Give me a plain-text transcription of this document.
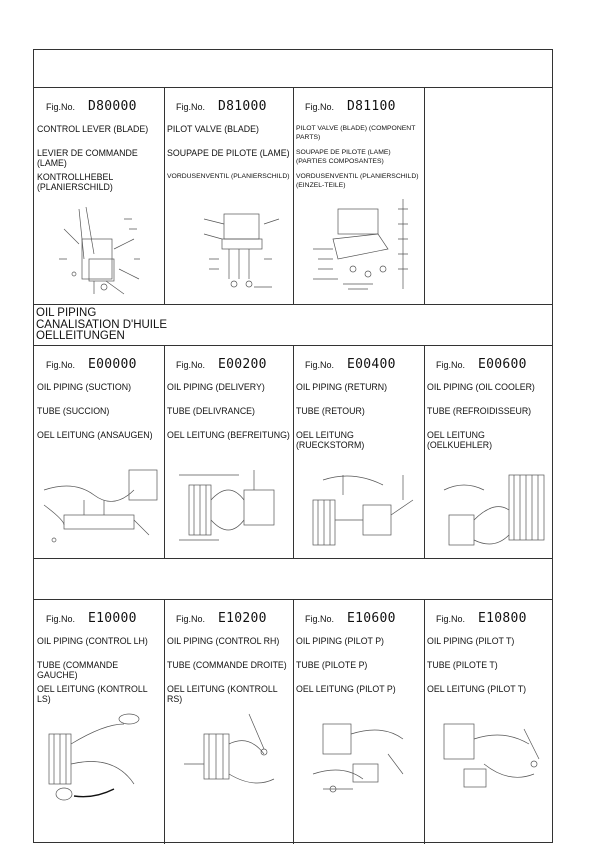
Fig.No. D80000
CONTROL LEVER (BLADE)
LEVIER DE COMMANDE (LAME)
KONTROLLHEBEL (PLANIERSCHILD)
Fig.No. D81000
PILOT VALVE (BLADE)
SOUPAPE DE PILOTE (LAME)
VORDUSENVENTIL (PLANIERSCHILD)
Fig.No. D81100
PILOT VALVE (BLADE) (COMPONENT PARTS)
SOUPAPE DE PILOTE (LAME) (PARTIES COMPOSANTES)
VORDUSENVENTIL (PLANIERSCHILD) (EINZEL-TEILE)
OIL PIPING
CANALISATION D'HUILE
OELLEITUNGEN
Fig.No. E00000
OIL PIPING (SUCTION)
TUBE (SUCCION)
OEL LEITUNG (ANSAUGEN)
Fig.No. E00200
OIL PIPING (DELIVERY)
TUBE (DELIVRANCE)
OEL LEITUNG (BEFREITUNG)
Fig.No. E00400
OIL PIPING (RETURN)
TUBE (RETOUR)
OEL LEITUNG (RUECKSTORM)
Fig.No. E00600
OIL PIPING (OIL COOLER)
TUBE (REFROIDISSEUR)
OEL LEITUNG (OELKUEHLER)
Fig.No. E10000
OIL PIPING (CONTROL LH)
TUBE (COMMANDE GAUCHE)
OEL LEITUNG (KONTROLL LS)
Fig.No. E10200
OIL PIPING (CONTROL RH)
TUBE (COMMANDE DROITE)
OEL LEITUNG (KONTROLL RS)
Fig.No. E10600
OIL PIPING (PILOT P)
TUBE (PILOTE P)
OEL LEITUNG (PILOT P)
Fig.No. E10800
OIL PIPING (PILOT T)
TUBE (PILOTE T)
OEL LEITUNG (PILOT T)
